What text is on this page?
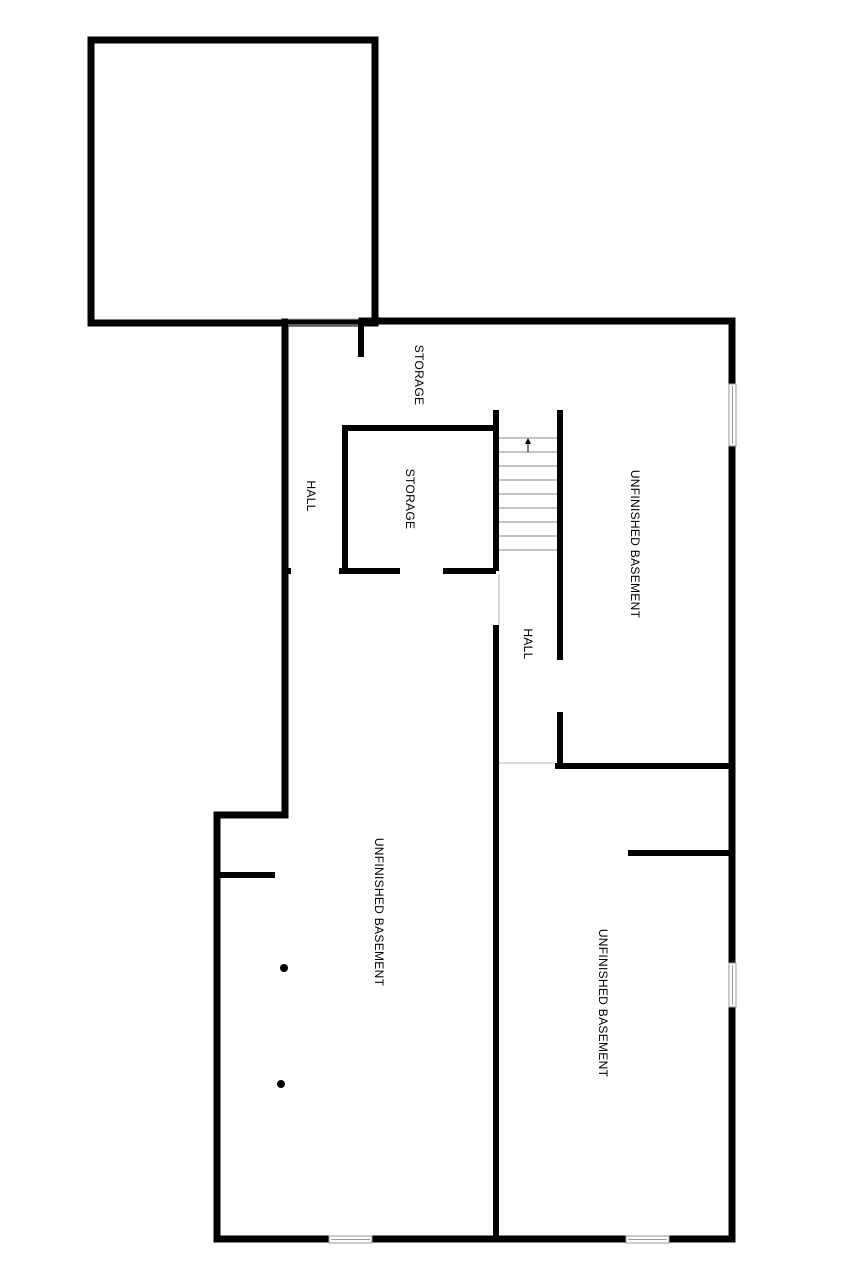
STORAGE
STORAGE
HALL
HALL
UNFINISHED BASEMENT
UNFINISHED BASEMENT
UNFINISHED BASEMENT
